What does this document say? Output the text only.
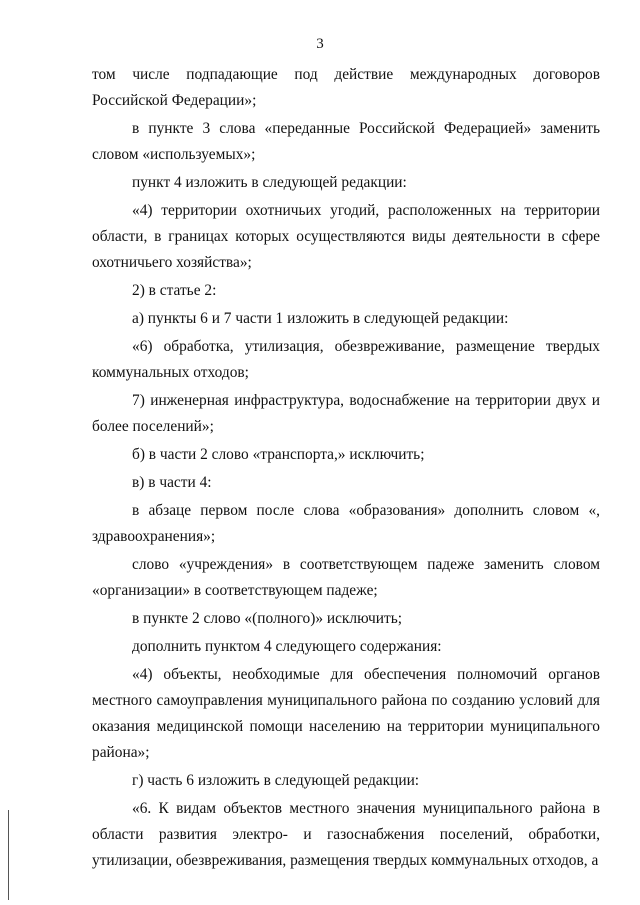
3

том числе подпадающие под действие международных договоров Российской Федерации»;

в пункте 3 слова «переданные Российской Федерацией» заменить словом «используемых»;

пункт 4 изложить в следующей редакции:

«4) территории охотничьих угодий, расположенных на территории области, в границах которых осуществляются виды деятельности в сфере охотничьего хозяйства»;

2) в статье 2:

а) пункты 6 и 7 части 1 изложить в следующей редакции:

«6) обработка, утилизация, обезвреживание, размещение твердых коммунальных отходов;

7) инженерная инфраструктура, водоснабжение на территории двух и более поселений»;

б) в части 2 слово «транспорта,» исключить;

в) в части 4:

в абзаце первом после слова «образования» дополнить словом «, здравоохранения»;

слово «учреждения» в соответствующем падеже заменить словом «организации» в соответствующем падеже;

в пункте 2 слово «(полного)» исключить;

дополнить пунктом 4 следующего содержания:

«4) объекты, необходимые для обеспечения полномочий органов местного самоуправления муниципального района по созданию условий для оказания медицинской помощи населению на территории муниципального района»;

г) часть 6 изложить в следующей редакции:

«6. К видам объектов местного значения муниципального района в области развития электро- и газоснабжения поселений, обработки, утилизации, обезвреживания, размещения твердых коммунальных отходов, а
